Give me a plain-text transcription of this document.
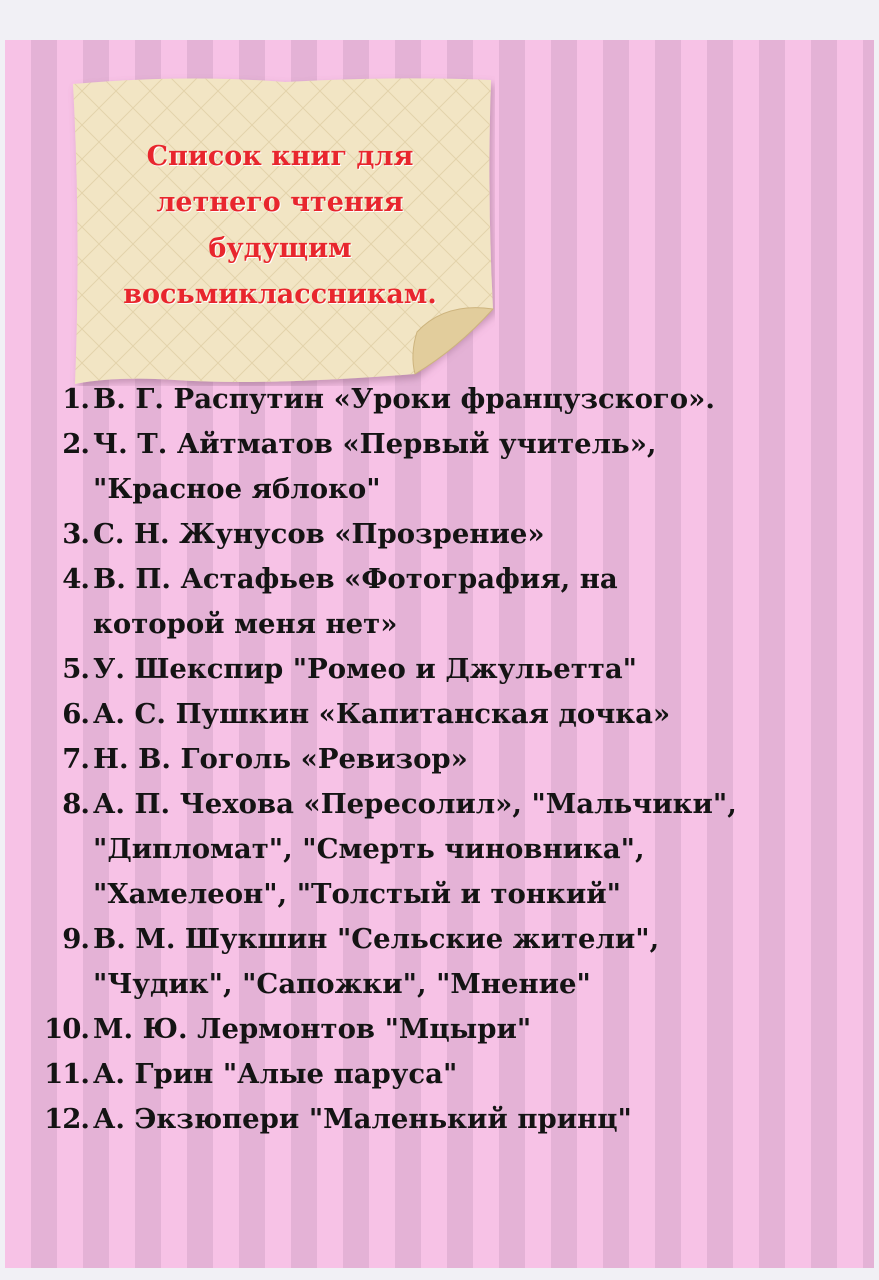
Список книг для
летнего чтения
будущим
восьмиклассникам.
1. В. Г. Распутин «Уроки французского».
2. Ч. Т. Айтматов «Первый учитель»,
"Красное яблоко"
3. С. Н. Жунусов «Прозрение»
4. В. П. Астафьев «Фотография, на
которой меня нет»
5. У. Шекспир "Ромео и Джульетта"
6. А. С. Пушкин «Капитанская дочка»
7. Н. В. Гоголь «Ревизор»
8. А. П. Чехова «Пересолил», "Мальчики",
"Дипломат", "Смерть чиновника",
"Хамелеон", "Толстый и тонкий"
9. В. М. Шукшин "Сельские жители",
"Чудик", "Сапожки", "Мнение"
10. М. Ю. Лермонтов "Мцыри"
11. А. Грин "Алые паруса"
12. А. Экзюпери "Маленький принц"
